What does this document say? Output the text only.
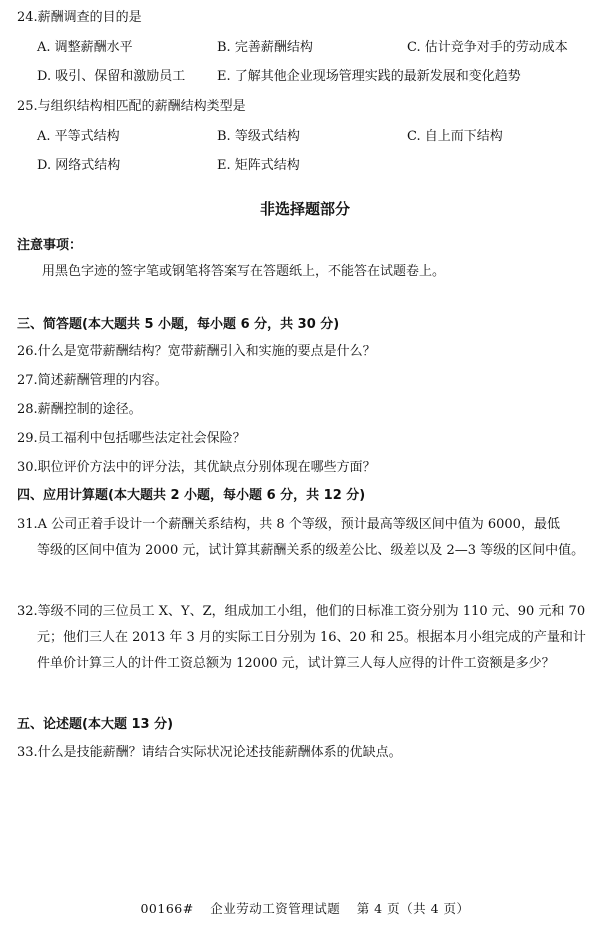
24.薪酬调查的目的是
A. 调整薪酬水平	B. 完善薪酬结构	C. 估计竞争对手的劳动成本
D. 吸引、保留和激励员工 E. 了解其他企业现场管理实践的最新发展和变化趋势
25.与组织结构相匹配的薪酬结构类型是
A. 平等式结构	B. 等级式结构	C. 自上而下结构
D. 网络式结构	E. 矩阵式结构
非选择题部分
注意事项：
用黑色字迹的签字笔或钢笔将答案写在答题纸上，不能答在试题卷上。
三、简答题(本大题共 5 小题，每小题 6 分，共 30 分)
26.什么是宽带薪酬结构？宽带薪酬引入和实施的要点是什么？
27.简述薪酬管理的内容。
28.薪酬控制的途径。
29.员工福利中包括哪些法定社会保险？
30.职位评价方法中的评分法，其优缺点分别体现在哪些方面？
四、应用计算题(本大题共 2 小题，每小题 6 分，共 12 分)
31.A 公司正着手设计一个薪酬关系结构，共 8 个等级，预计最高等级区间中值为 6000，最低
等级的区间中值为 2000 元，试计算其薪酬关系的级差公比、级差以及 2—3 等级的区间中值。
32.等级不同的三位员工 X、Y、Z，组成加工小组，他们的日标准工资分别为 110 元、90 元和 70
元；他们三人在 2013 年 3 月的实际工日分别为 16、20 和 25。根据本月小组完成的产量和计件单价计算三人的计件工资总额为 12000 元，试计算三人每人应得的计件工资额是多少？
五、论述题(本大题 13 分)
33.什么是技能薪酬？请结合实际状况论述技能薪酬体系的优缺点。
00166# 企业劳动工资管理试题 第 4 页（共 4 页）
